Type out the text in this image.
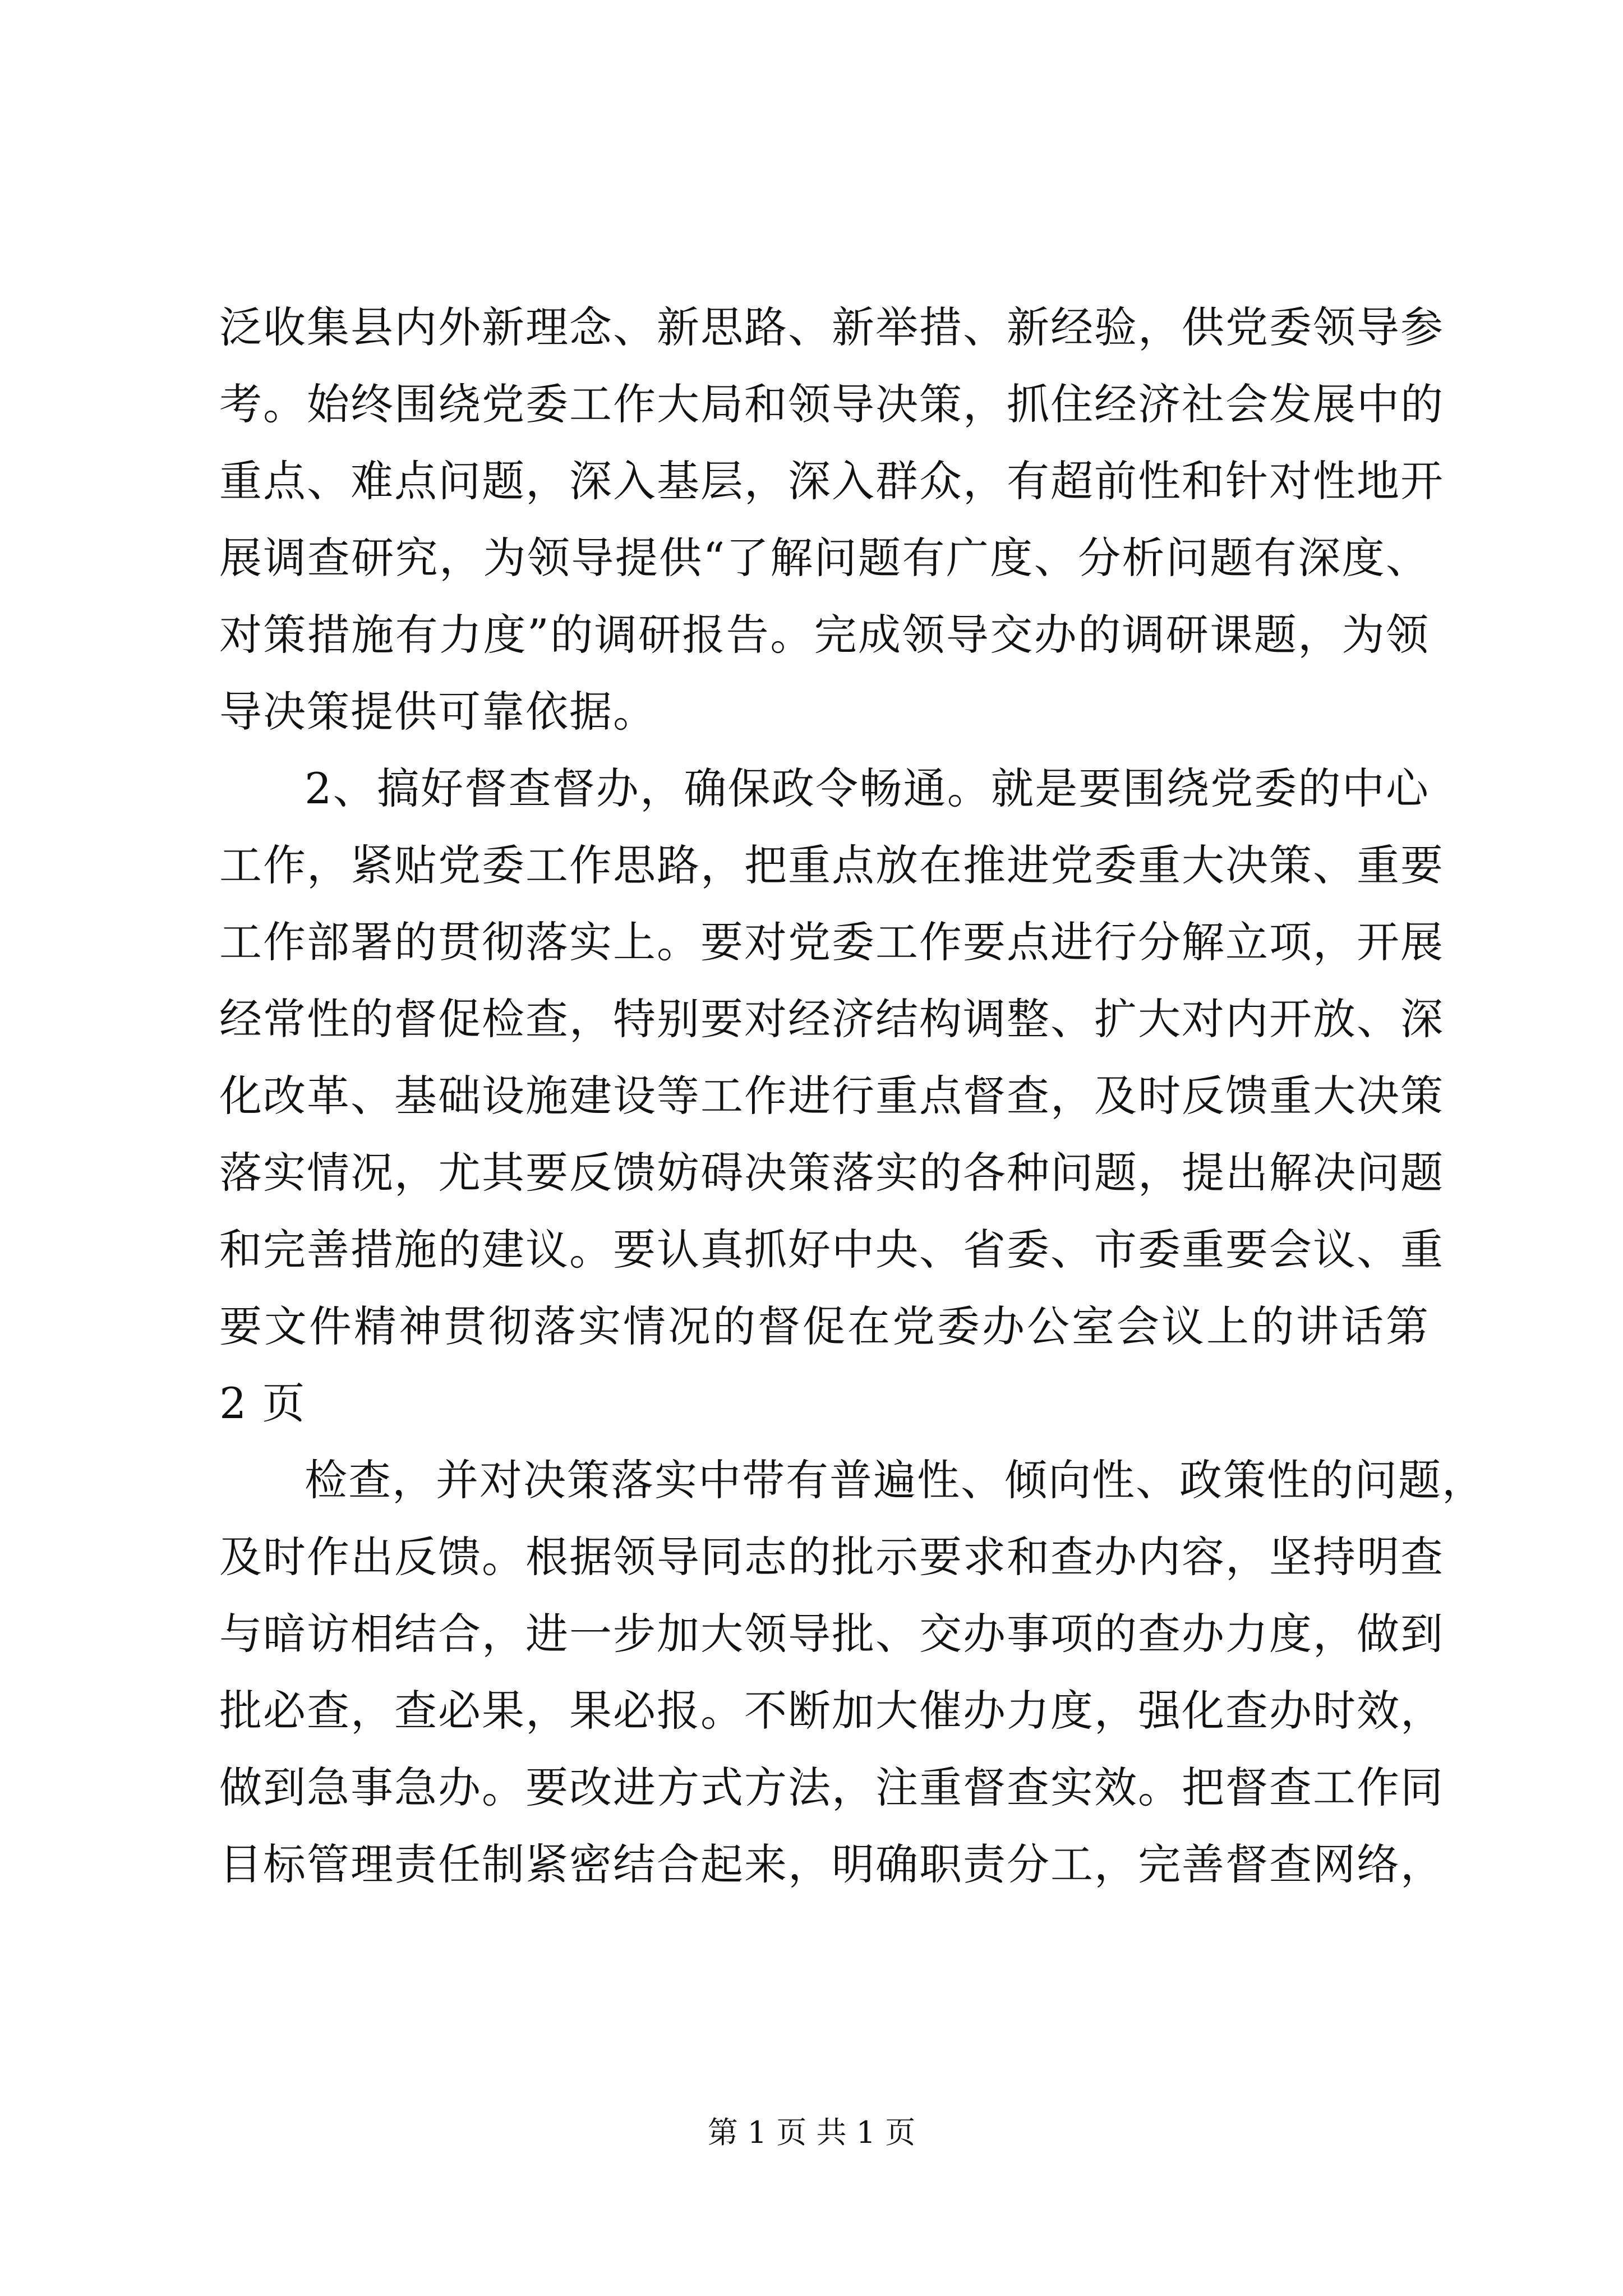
泛收集县内外新理念、新思路、新举措、新经验，供党委领导参
考。始终围绕党委工作大局和领导决策，抓住经济社会发展中的
重点、难点问题，深入基层，深入群众，有超前性和针对性地开
展调查研究，为领导提供“了解问题有广度、分析问题有深度、
对策措施有力度”的调研报告。完成领导交办的调研课题，为领
导决策提供可靠依据。
2、搞好督查督办，确保政令畅通。就是要围绕党委的中心
工作，紧贴党委工作思路，把重点放在推进党委重大决策、重要
工作部署的贯彻落实上。要对党委工作要点进行分解立项，开展
经常性的督促检查，特别要对经济结构调整、扩大对内开放、深
化改革、基础设施建设等工作进行重点督查，及时反馈重大决策
落实情况，尤其要反馈妨碍决策落实的各种问题，提出解决问题
和完善措施的建议。要认真抓好中央、省委、市委重要会议、重
要文件精神贯彻落实情况的督促在党委办公室会议上的讲话第
2 页
检查，并对决策落实中带有普遍性、倾向性、政策性的问题，
及时作出反馈。根据领导同志的批示要求和查办内容，坚持明查
与暗访相结合，进一步加大领导批、交办事项的查办力度，做到
批必查，查必果，果必报。不断加大催办力度，强化查办时效，
做到急事急办。要改进方式方法，注重督查实效。把督查工作同
目标管理责任制紧密结合起来，明确职责分工，完善督查网络，
第 1 页 共 1 页
